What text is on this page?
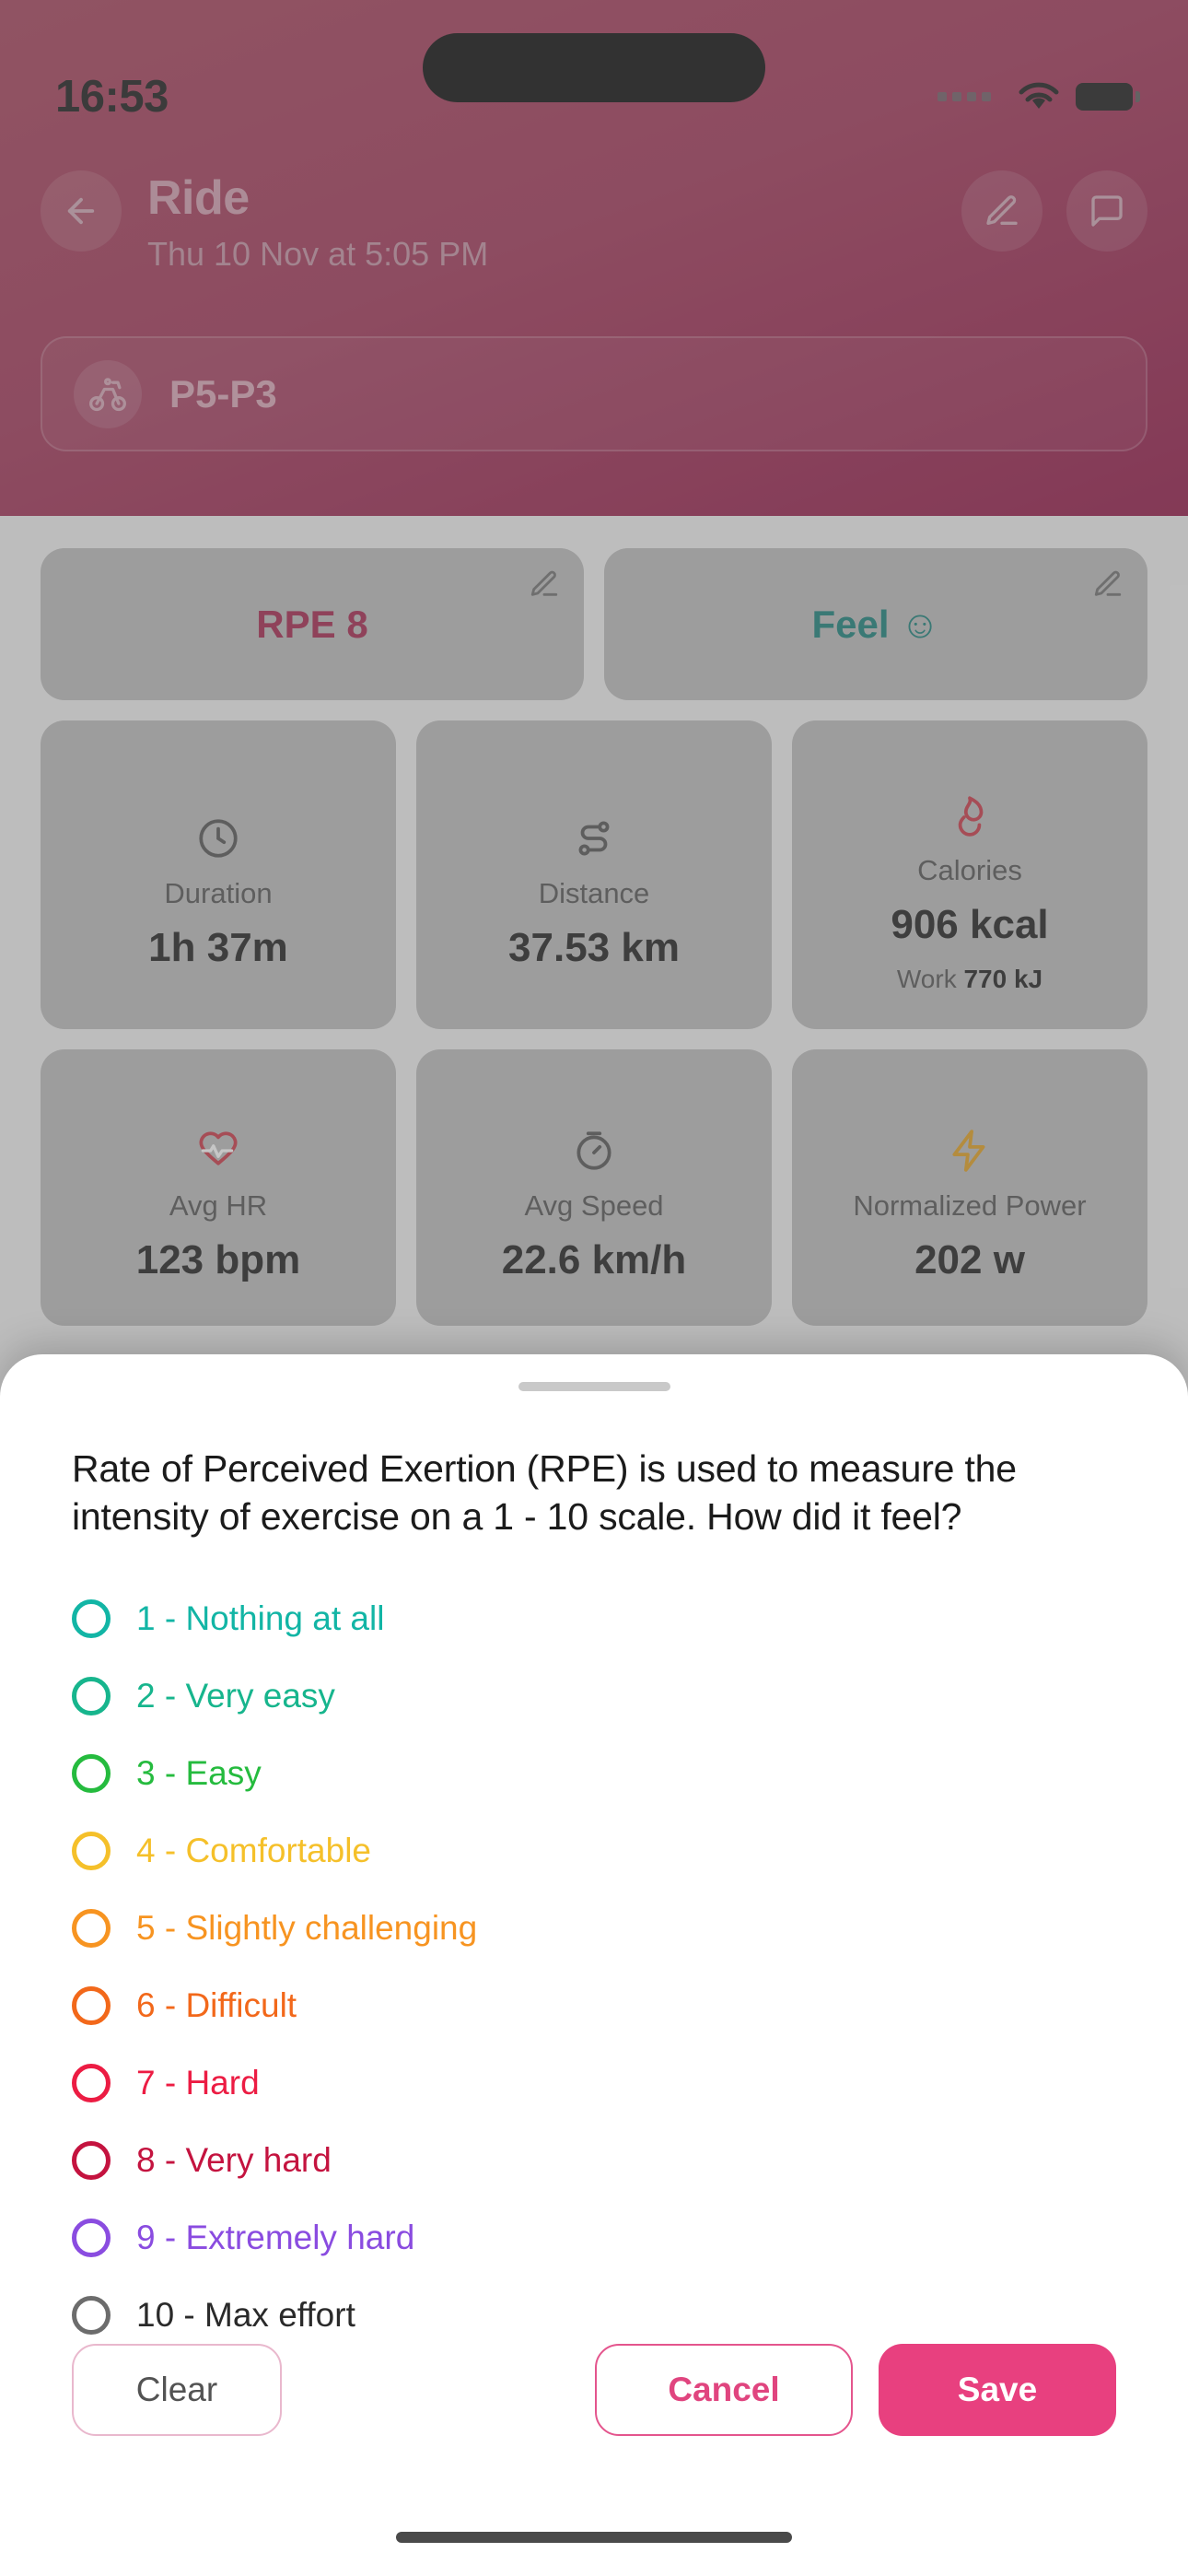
16:53
Ride
Thu 10 Nov at 5:05 PM
P5-P3
RPE 8	Feel ☺
Duration
1h 37m
Distance
37.53 km
Calories
906 kcal
Work 770 kJ
Avg HR
123 bpm
Avg Speed
22.6 km/h
Normalized Power
202 w
Rate of Perceived Exertion (RPE) is used to measure the intensity of exercise on a 1 - 10 scale. How did it feel?
1 - Nothing at all
2 - Very easy
3 - Easy
4 - Comfortable
5 - Slightly challenging
6 - Difficult
7 - Hard
8 - Very hard
9 - Extremely hard
10 - Max effort
Clear	Cancel	Save
